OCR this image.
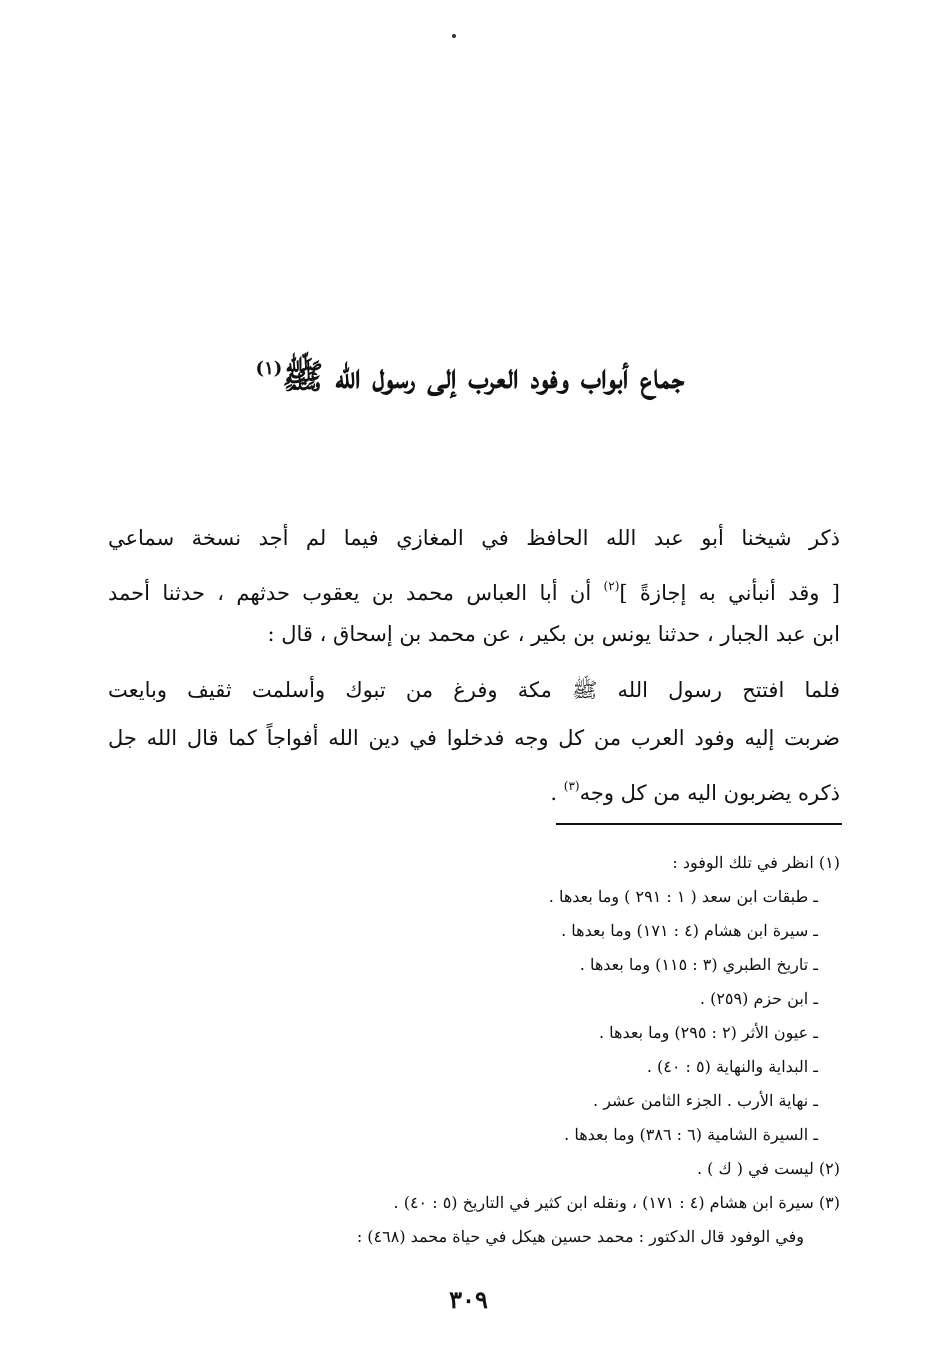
جماع أبواب وفود العرب إلى رسول الله ﷺ$^{(١)}$
ذكر شيخنا أبو عبد الله الحافظ في المغازي فيما لم أجد نسخة سماعي
[ وقد أنبأني به إجازةً ]$^{(٢)}$ أن أبا العباس محمد بن يعقوب حدثهم ، حدثنا أحمد
ابن عبد الجبار ، حدثنا يونس بن بكير ، عن محمد بن إسحاق ، قال :
فلما افتتح رسول الله ﷺ مكة وفرغ من تبوك وأسلمت ثقيف وبايعت
ضربت إليه وفود العرب من كل وجه فدخلوا في دين الله أفواجاً كما قال الله جل
ذكره يضربون اليه من كل وجه$^{(٣)}$ .
(١) انظر في تلك الوفود :
ـ طبقات ابن سعد ( ١ : ٢٩١ ) وما بعدها .
ـ سيرة ابن هشام (٤ : ١٧١) وما بعدها .
ـ تاريخ الطبري (٣ : ١١٥) وما بعدها .
ـ ابن حزم (٢٥٩) .
ـ عيون الأثر (٢ : ٢٩٥) وما بعدها .
ـ البداية والنهاية (٥ : ٤٠) .
ـ نهاية الأرب . الجزء الثامن عشر .
ـ السيرة الشامية (٦ : ٣٨٦) وما بعدها .
(٢) ليست في ( ك ) .
(٣) سيرة ابن هشام (٤ : ١٧١) ، ونقله ابن كثير في التاريخ (٥ : ٤٠) .
وفي الوفود قال الدكتور : محمد حسين هيكل في حياة محمد (٤٦٨) :
٣٠٩
